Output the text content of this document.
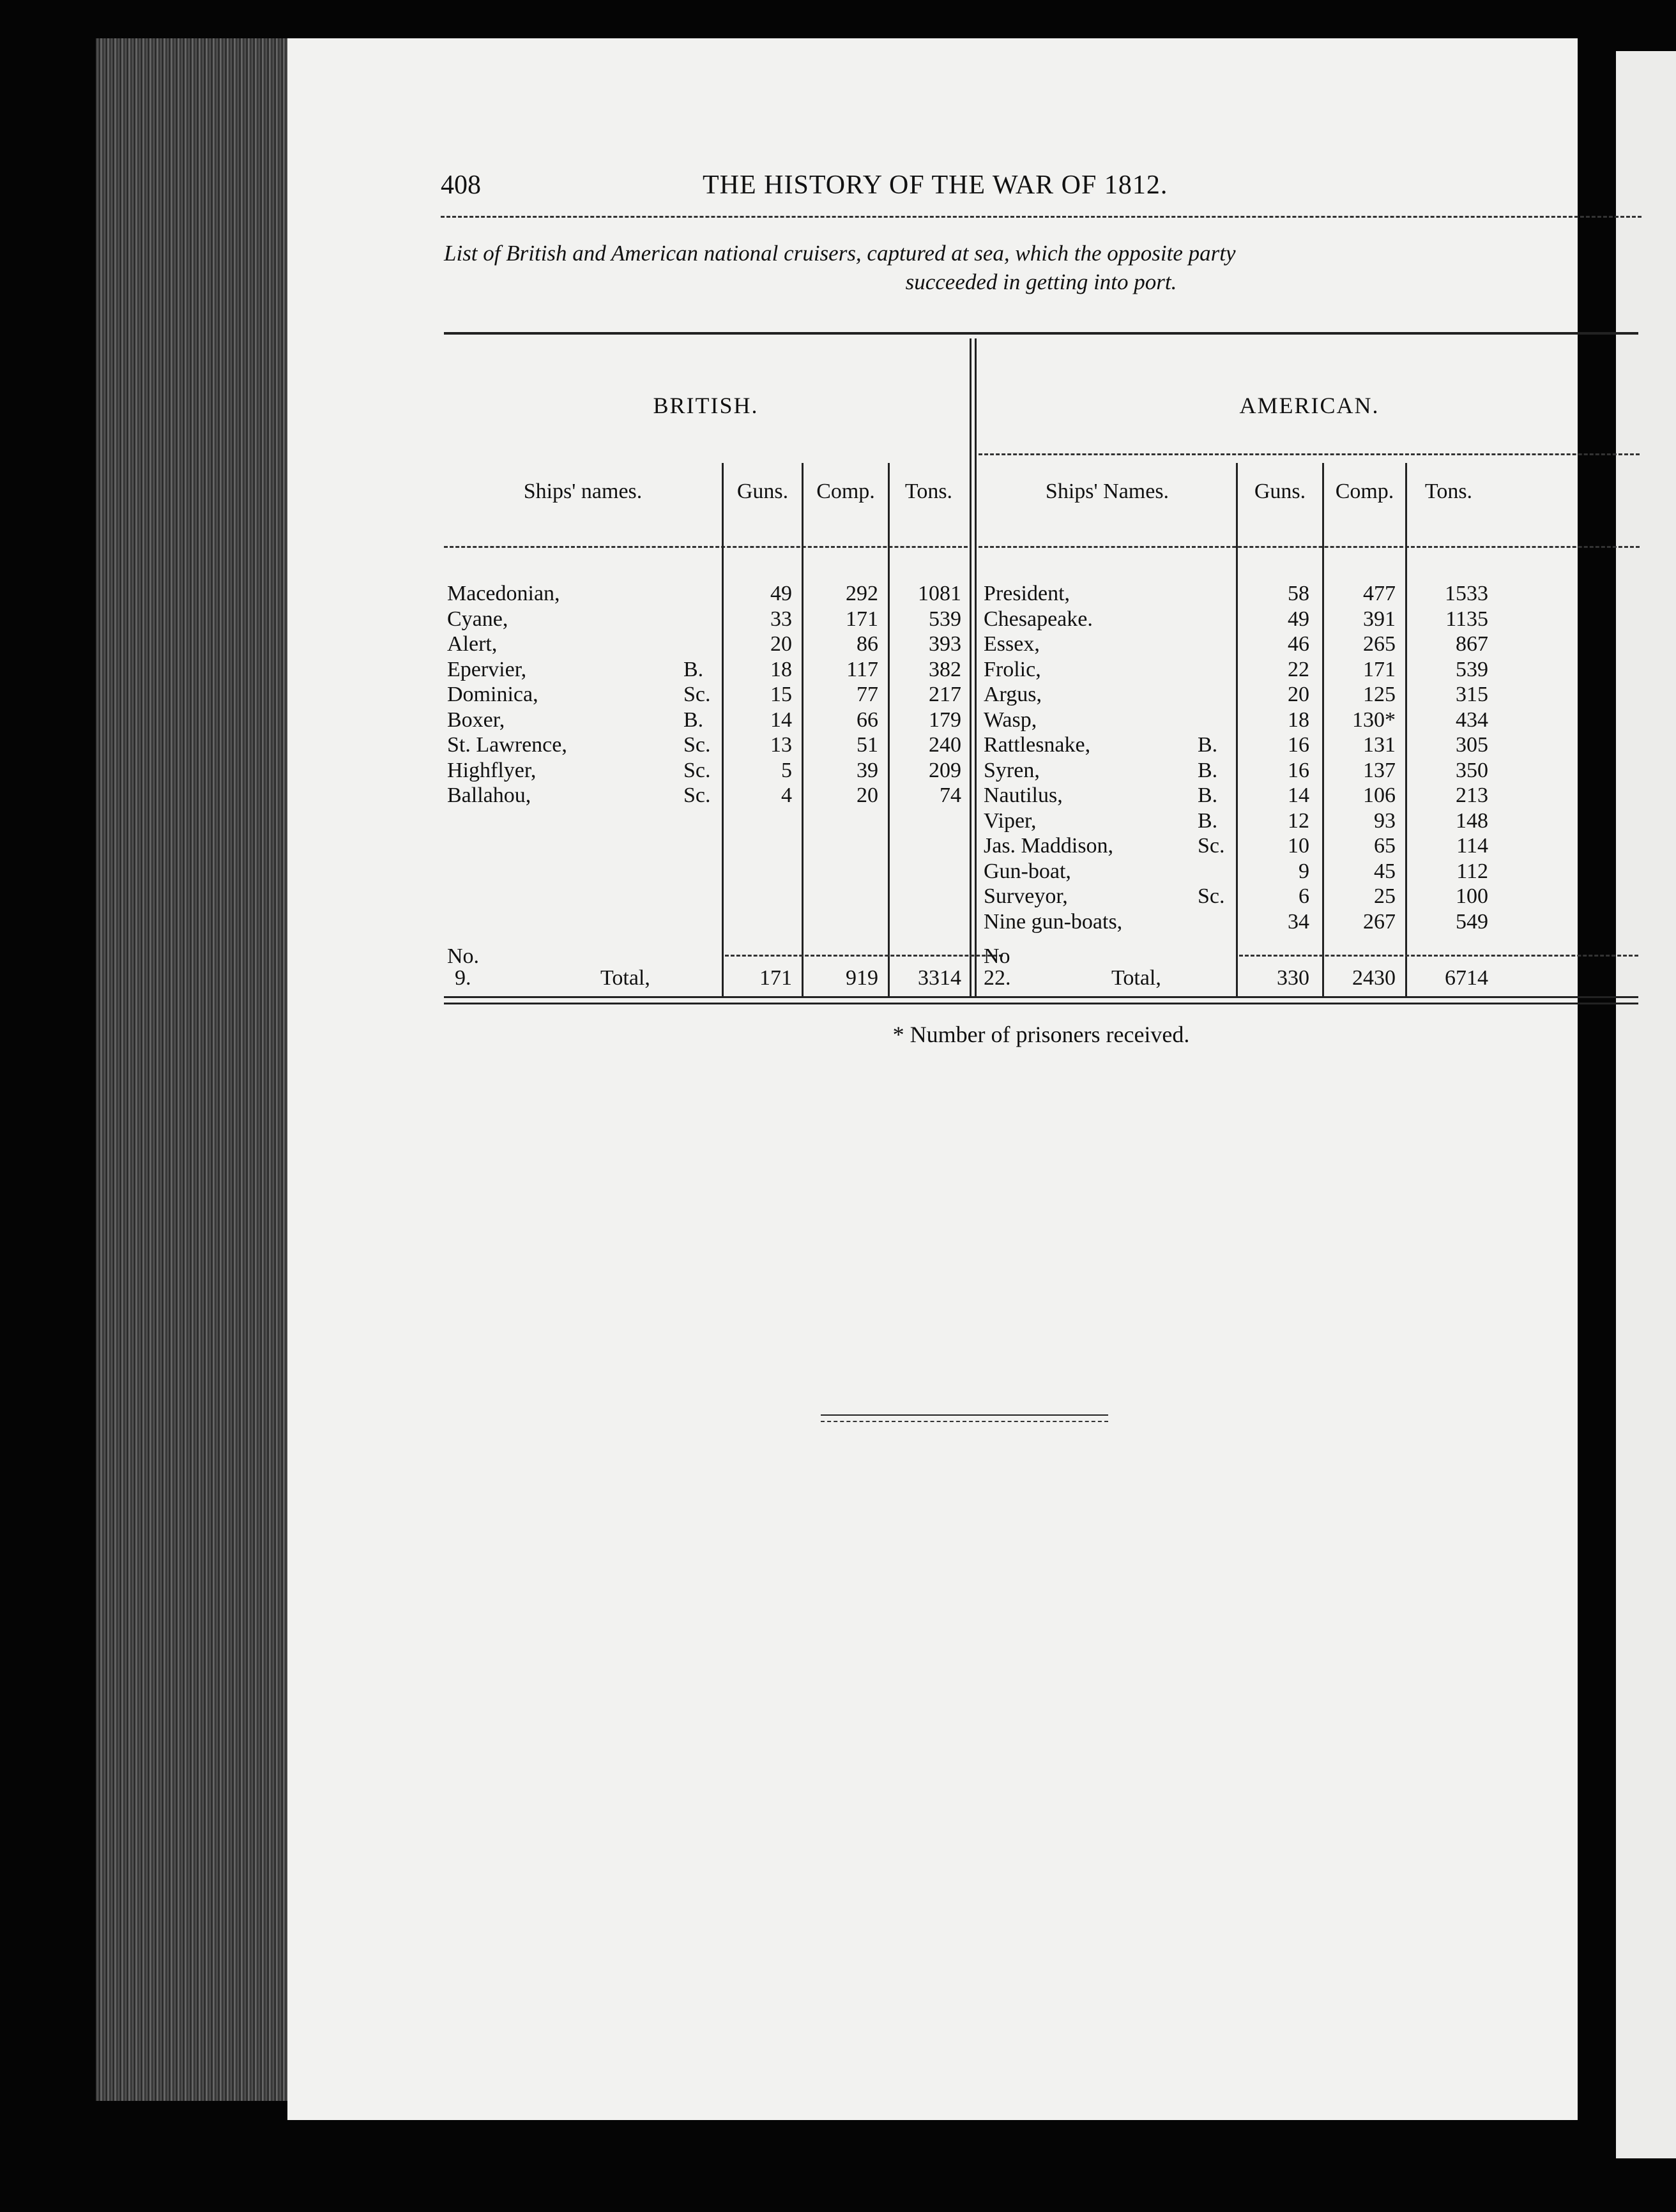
408	THE HISTORY OF THE WAR OF 1812.
List of British and American national cruisers, captured at sea, which the opposite party
succeeded in getting into port.
BRITISH.	AMERICAN.
Ships' names.	Guns.	Comp.	Tons.	Ships' Names.	Guns.	Comp.	Tons.
Macedonian,	49	292	1081
Cyane,	33	171	539
Alert,	20	86	393
Epervier,	B.	18	117	382
Dominica,	Sc.	15	77	217
Boxer,	B.	14	66	179
St. Lawrence,	Sc.	13	51	240
Highflyer,	Sc.	5	39	209
Ballahou,	Sc.	4	20	74
President,	58	477	1533
Chesapeake.	49	391	1135
Essex,	46	265	867
Frolic,	22	171	539
Argus,	20	125	315
Wasp,	18	130*	434
Rattlesnake,	B.	16	131	305
Syren,	B.	16	137	350
Nautilus,	B.	14	106	213
Viper,	B.	12	93	148
Jas. Maddison,	Sc.	10	65	114
Gun-boat,	9	45	112
Surveyor,	Sc.	6	25	100
Nine gun-boats,	34	267	549
No.
9.	Total,	171	919	3314
No
22.	Total,	330	2430	6714
* Number of prisoners received.
